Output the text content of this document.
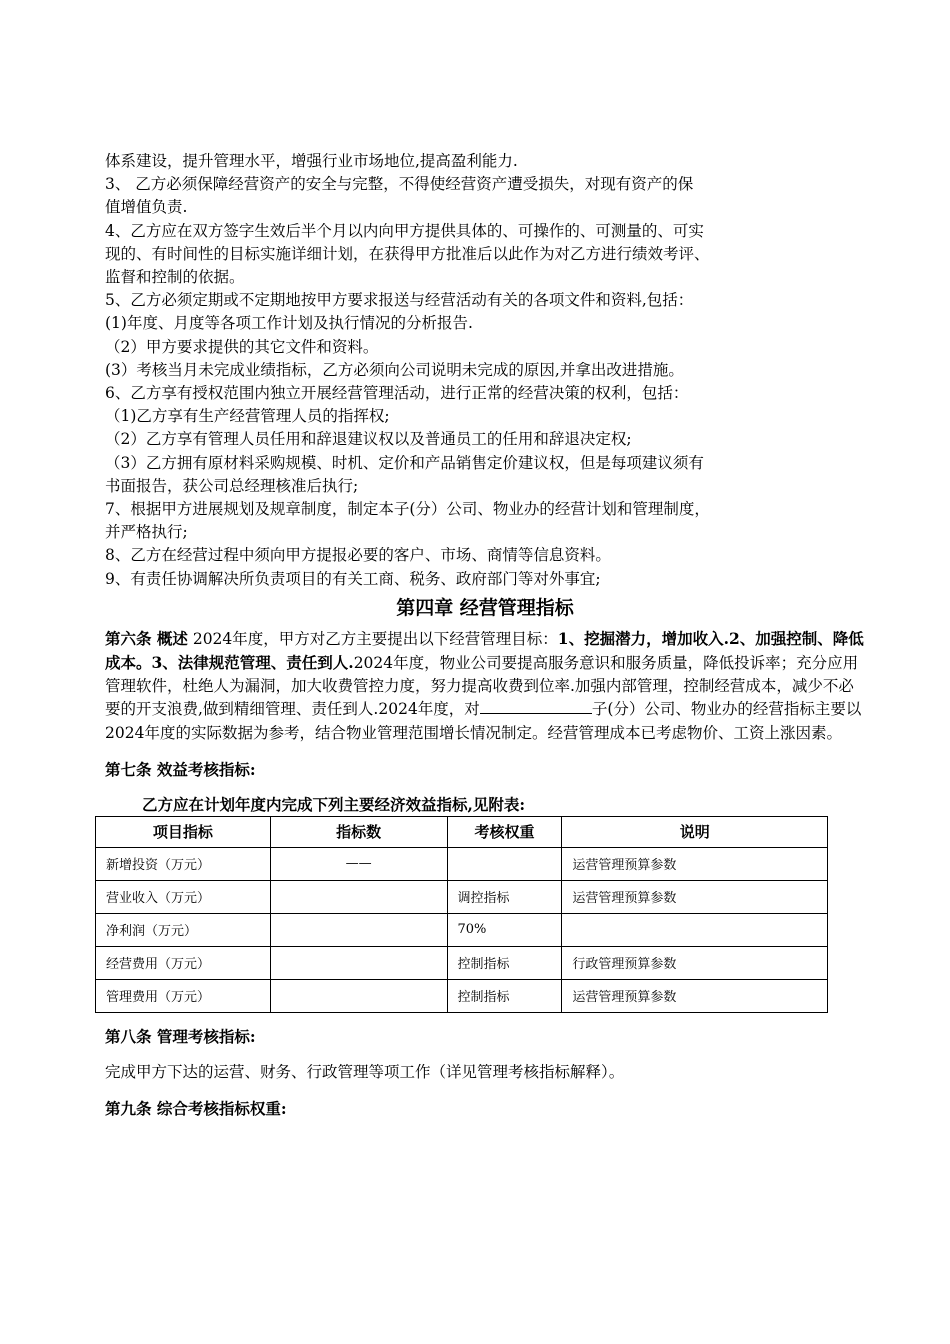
体系建设，提升管理水平，增强行业市场地位,提高盈利能力.
3、 乙方必须保障经营资产的安全与完整，不得使经营资产遭受损失，对现有资产的保
值增值负责.
4、乙方应在双方签字生效后半个月以内向甲方提供具体的、可操作的、可测量的、可实
现的、有时间性的目标实施详细计划，在获得甲方批准后以此作为对乙方进行绩效考评、
监督和控制的依据。
5、乙方必须定期或不定期地按甲方要求报送与经营活动有关的各项文件和资料,包括：
(1)年度、月度等各项工作计划及执行情况的分析报告.
（2）甲方要求提供的其它文件和资料。
(3）考核当月未完成业绩指标，乙方必须向公司说明未完成的原因,并拿出改进措施。
6、乙方享有授权范围内独立开展经营管理活动，进行正常的经营决策的权利，包括：
（1)乙方享有生产经营管理人员的指挥权;
（2）乙方享有管理人员任用和辞退建议权以及普通员工的任用和辞退决定权;
（3）乙方拥有原材料采购规模、时机、定价和产品销售定价建议权，但是每项建议须有
书面报告，获公司总经理核准后执行;
7、根据甲方进展规划及规章制度，制定本子(分）公司、物业办的经营计划和管理制度，
并严格执行;
8、乙方在经营过程中须向甲方提报必要的客户、市场、商情等信息资料。
9、有责任协调解决所负责项目的有关工商、税务、政府部门等对外事宜;
第四章 经营管理指标
第六条 概述 2024年度，甲方对乙方主要提出以下经营管理目标：1、挖掘潜力，增加收入.2、加强控制、降低成本。3、法律规范管理、责任到人.2024年度，物业公司要提高服务意识和服务质量，降低投诉率；充分应用管理软件，杜绝人为漏洞，加大收费管控力度，努力提高收费到位率.加强内部管理，控制经营成本，减少不必要的开支浪费,做到精细管理、责任到人.2024年度，对	子(分）公司、物业办的经营指标主要以2024年度的实际数据为参考，结合物业管理范围增长情况制定。经营管理成本已考虑物价、工资上涨因素。
第七条 效益考核指标:
乙方应在计划年度内完成下列主要经济效益指标,见附表:
项目指标	指标数	考核权重	说明
新增投资（万元）	——		运营管理预算参数
营业收入（万元）		调控指标	运营管理预算参数
净利润（万元）		70%	
经营费用（万元）		控制指标	行政管理预算参数
管理费用（万元）		控制指标	运营管理预算参数
第八条 管理考核指标:
完成甲方下达的运营、财务、行政管理等项工作（详见管理考核指标解释）。
第九条 综合考核指标权重:
